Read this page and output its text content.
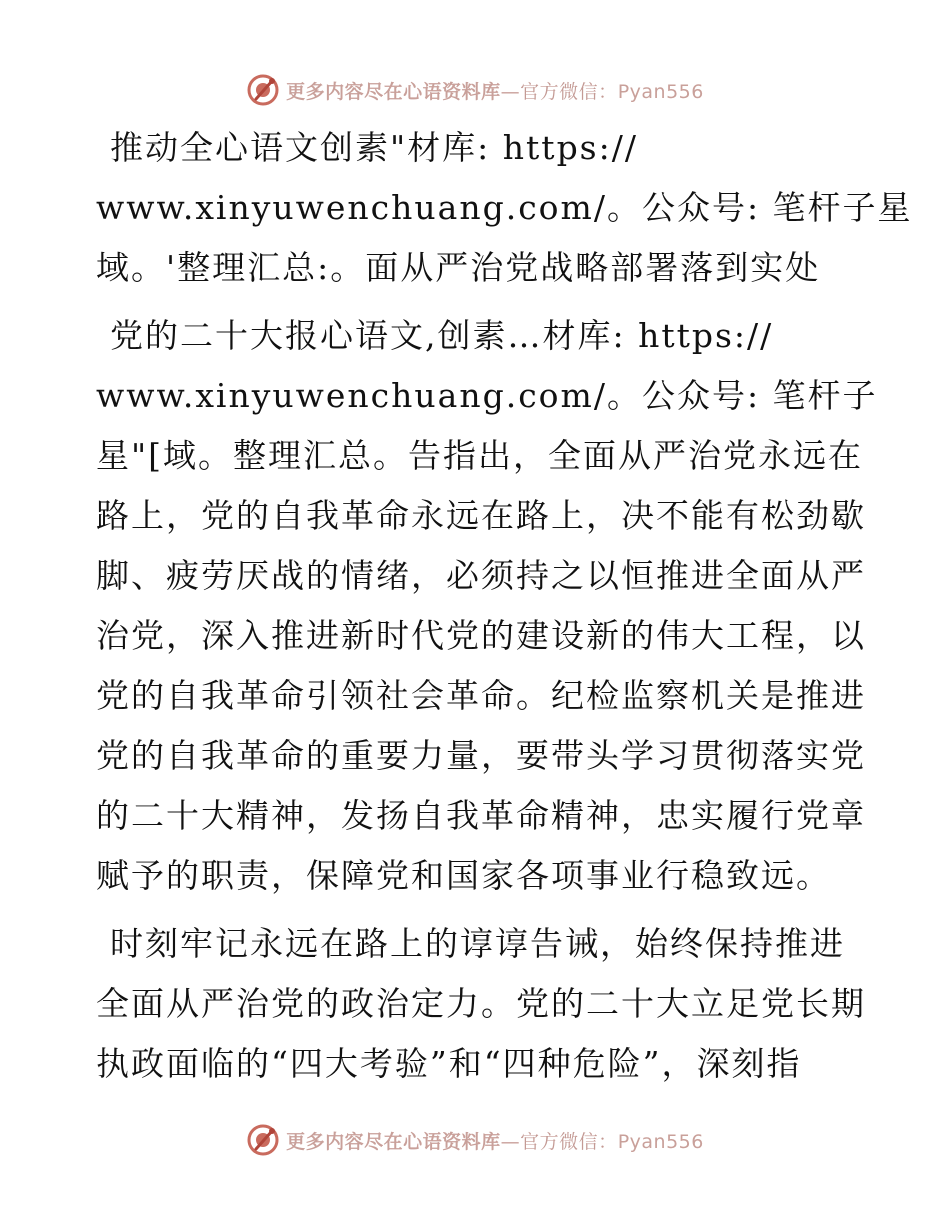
更多内容尽在心语资料库—官方微信：Pyan556

推动全心语文创素"材库: https://
www.xinyuwenchuang.com/。公众号: 笔杆子星
域。'整理汇总:。面从严治党战略部署落到实处

党的二十大报心语文,创素…材库: https://
www.xinyuwenchuang.com/。公众号: 笔杆子
星"[域。整理汇总。告指出，全面从严治党永远在
路上，党的自我革命永远在路上，决不能有松劲歇
脚、疲劳厌战的情绪，必须持之以恒推进全面从严
治党，深入推进新时代党的建设新的伟大工程，以
党的自我革命引领社会革命。纪检监察机关是推进
党的自我革命的重要力量，要带头学习贯彻落实党
的二十大精神，发扬自我革命精神，忠实履行党章
赋予的职责，保障党和国家各项事业行稳致远。

时刻牢记永远在路上的谆谆告诫，始终保持推进
全面从严治党的政治定力。党的二十大立足党长期
执政面临的“四大考验”和“四种危险”，深刻指

更多内容尽在心语资料库—官方微信：Pyan556
